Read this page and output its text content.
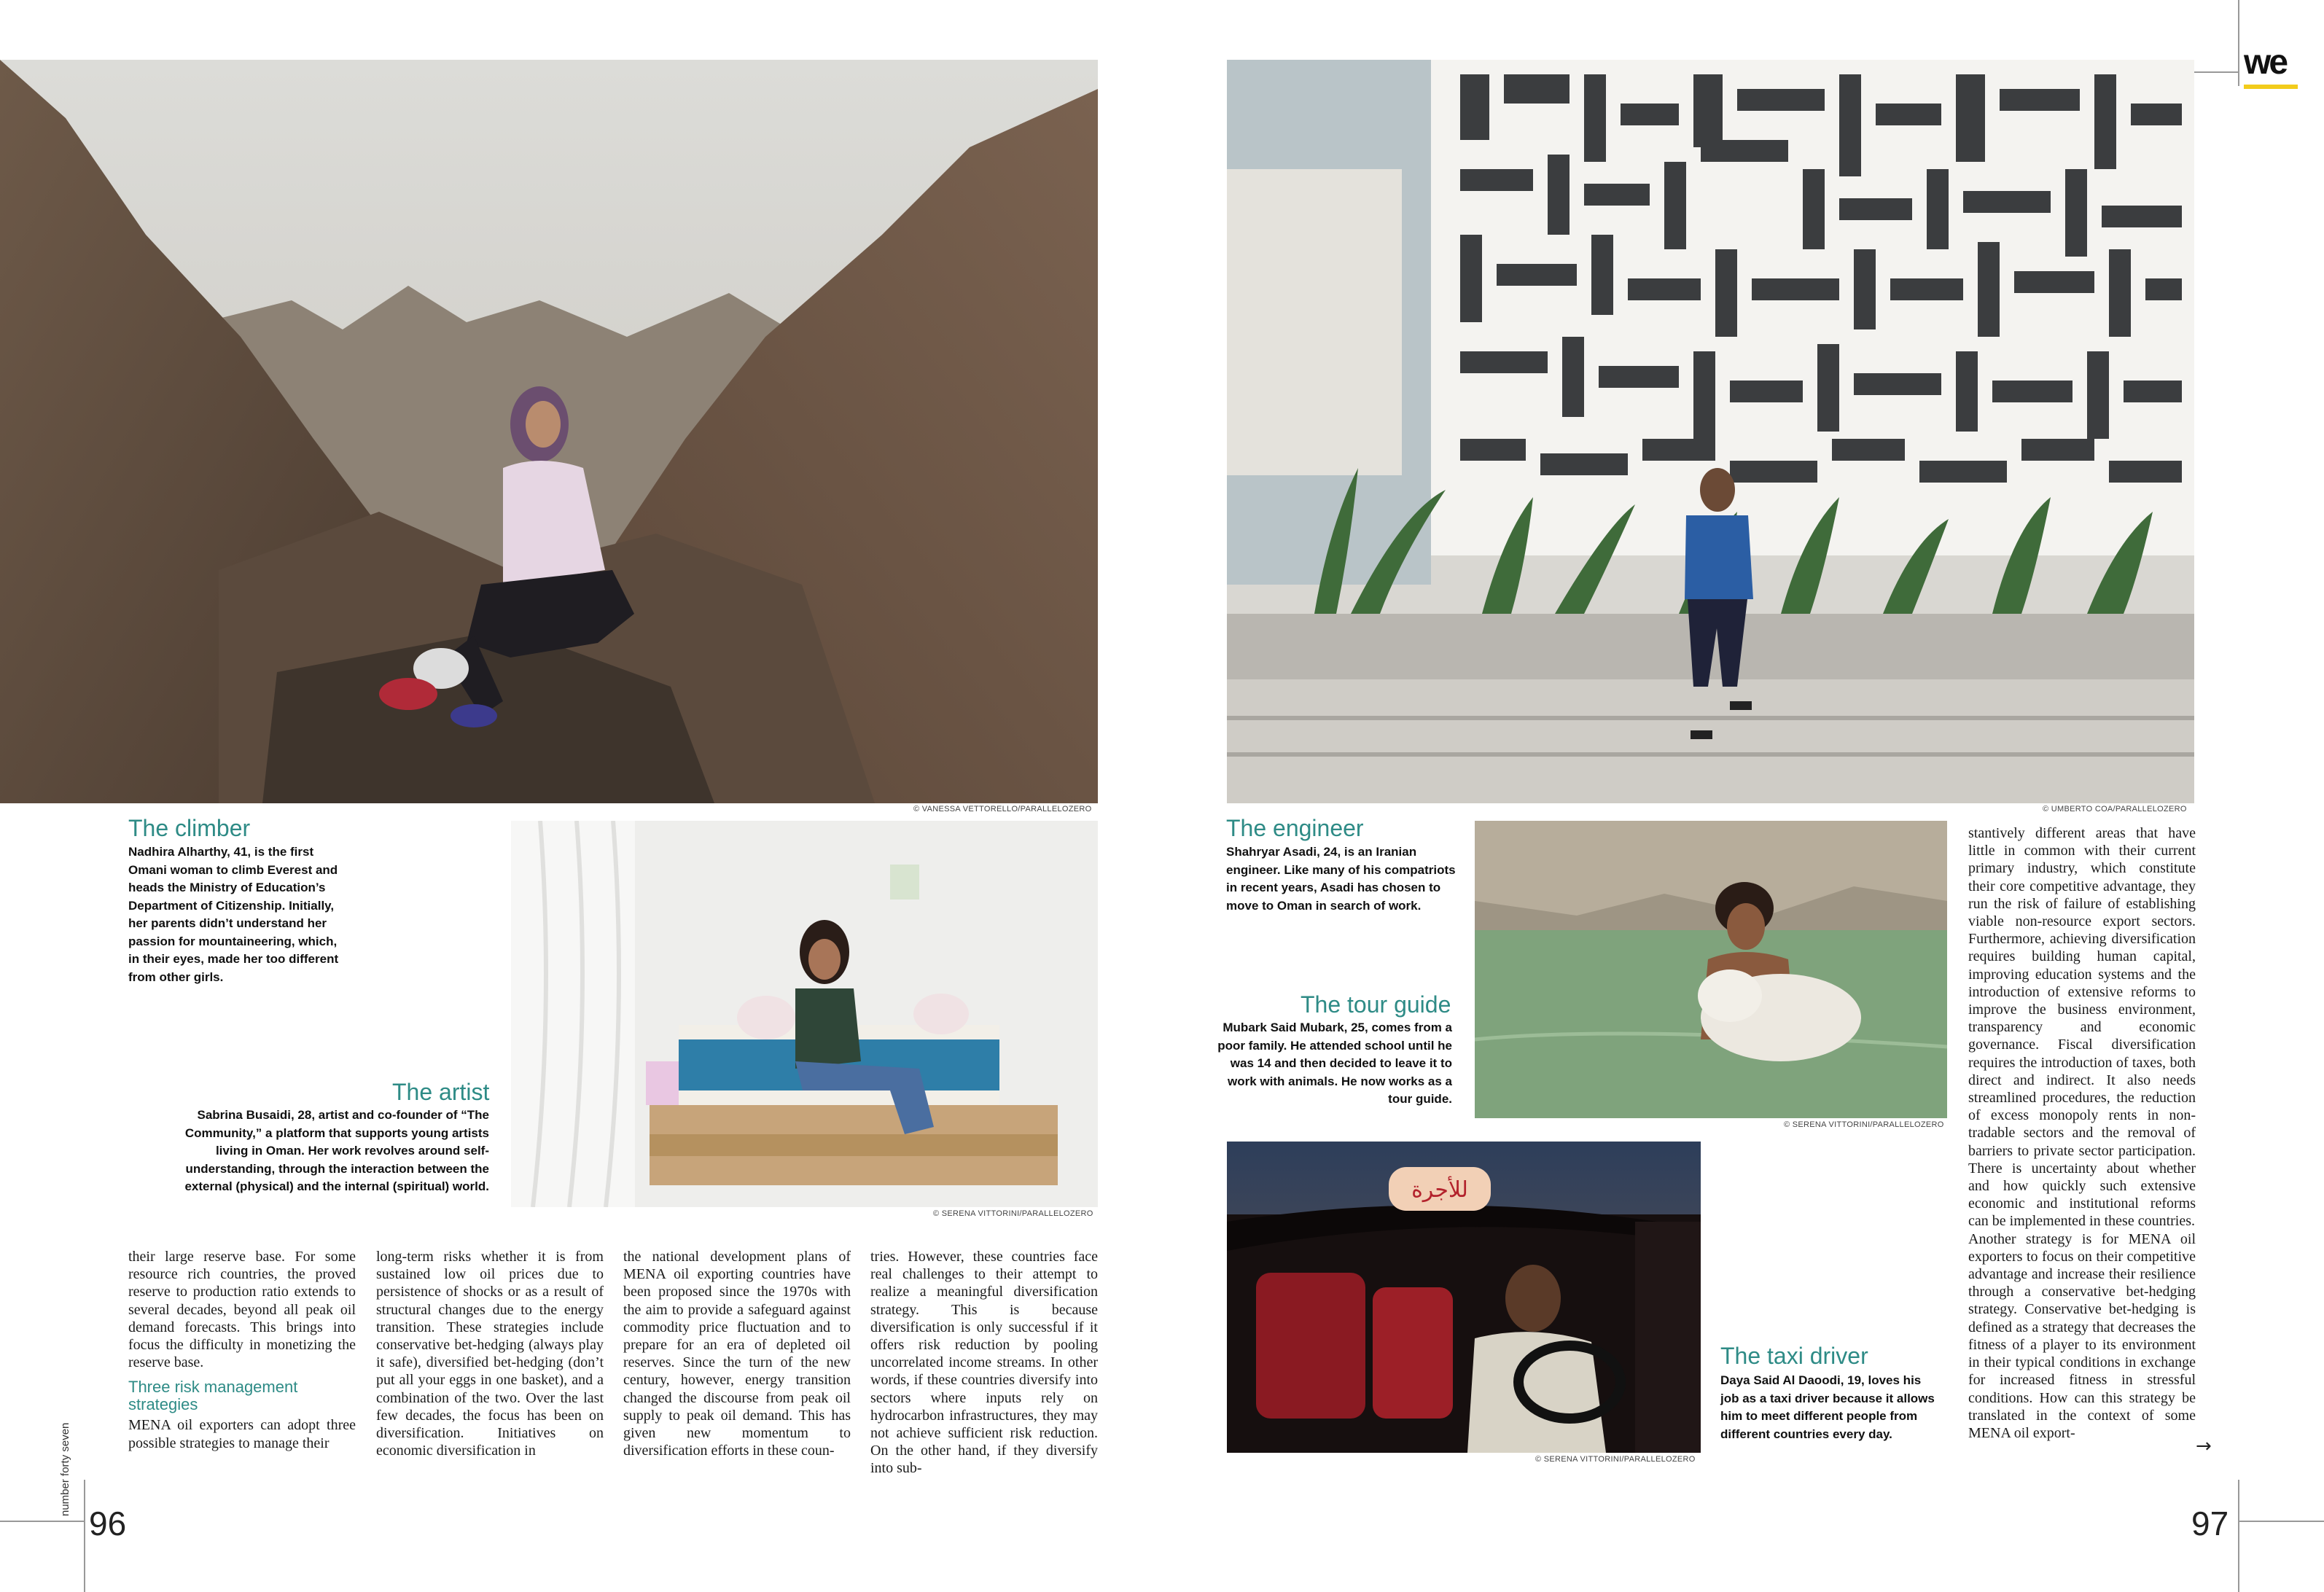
© VANESSA VETTORELLO/PARALLELOZERO
The climber
Nadhira Alharthy, 41, is the first Omani woman to climb Everest and heads the Ministry of Education’s Department of Citizenship. Initially, her parents didn’t understand her passion for mountaineering, which, in their eyes, made her too different from other girls.
© SERENA VITTORINI/PARALLELOZERO
The artist
Sabrina Busaidi, 28, artist and co-founder of “The Community,” a platform that supports young artists living in Oman. Her work revolves around self-understanding, through the interaction between the external (physical) and the internal (spiritual) world.

their large reserve base. For some resource rich countries, the proved reserve to production ratio extends to several decades, beyond all peak oil demand forecasts. This brings into focus the difficulty in monetizing the reserve base.

Three risk management strategies

MENA oil exporters can adopt three possible strategies to manage their

long-term risks whether it is from sustained low oil prices due to persistence of shocks or as a result of structural changes due to the energy transition. These strategies include conservative bet-hedging (always play it safe), diversified bet-hedging (don’t put all your eggs in one basket), and a combination of the two. Over the last few decades, the focus has been on diversification. Initiatives on economic diversification in
the national development plans of MENA oil exporting countries have been proposed since the 1970s with the aim to provide a safeguard against commodity price fluctuation and to prepare for an era of depleted oil reserves. Since the turn of the new century, however, energy transition changed the discourse from peak oil supply to peak oil demand. This has given new momentum to diversification efforts in these coun-
tries. However, these countries face real challenges to their attempt to realize a meaningful diversification strategy. This is because diversification is only successful if it offers risk reduction by pooling uncorrelated income streams. In other words, if these countries diversify into sectors where inputs rely on hydrocarbon infrastructures, they may not achieve sufficient risk reduction. On the other hand, if they diversify into sub-
number forty seven
96
© UMBERTO COA/PARALLELOZERO
The engineer
Shahryar Asadi, 24, is an Iranian engineer. Like many of his compatriots in recent years, Asadi has chosen to move to Oman in search of work.
© SERENA VITTORINI/PARALLELOZERO
The tour guide
Mubark Said Mubark, 25, comes from a poor family. He attended school until he was 14 and then decided to leave it to work with animals. He now works as a tour guide.
للأجرة
© SERENA VITTORINI/PARALLELOZERO
The taxi driver
Daya Said Al Daoodi, 19, loves his job as a taxi driver because it allows him to meet different people from different countries every day.

stantively different areas that have little in common with their current primary industry, which constitute their core competitive advantage, they run the risk of failure of establishing viable non-resource export sectors. Furthermore, achieving diversification requires building human capital, improving education systems and the introduction of extensive reforms to improve the business environment, transparency and economic governance. Fiscal diversification requires the introduction of taxes, both direct and indirect. It also needs streamlined procedures, the reduction of excess monopoly rents in non-tradable sectors and the removal of barriers to private sector participation. There is uncertainty about whether and how quickly such extensive economic and institutional reforms can be implemented in these countries.

Another strategy is for MENA oil exporters to focus on their competitive advantage and increase their resilience through a conservative bet-hedging strategy. Conservative bet-hedging is defined as a strategy that decreases the fitness of a player to its environment in their typical conditions in exchange for increased fitness in stressful conditions. How can this strategy be translated in the context of some MENA oil export-

→
we
97
